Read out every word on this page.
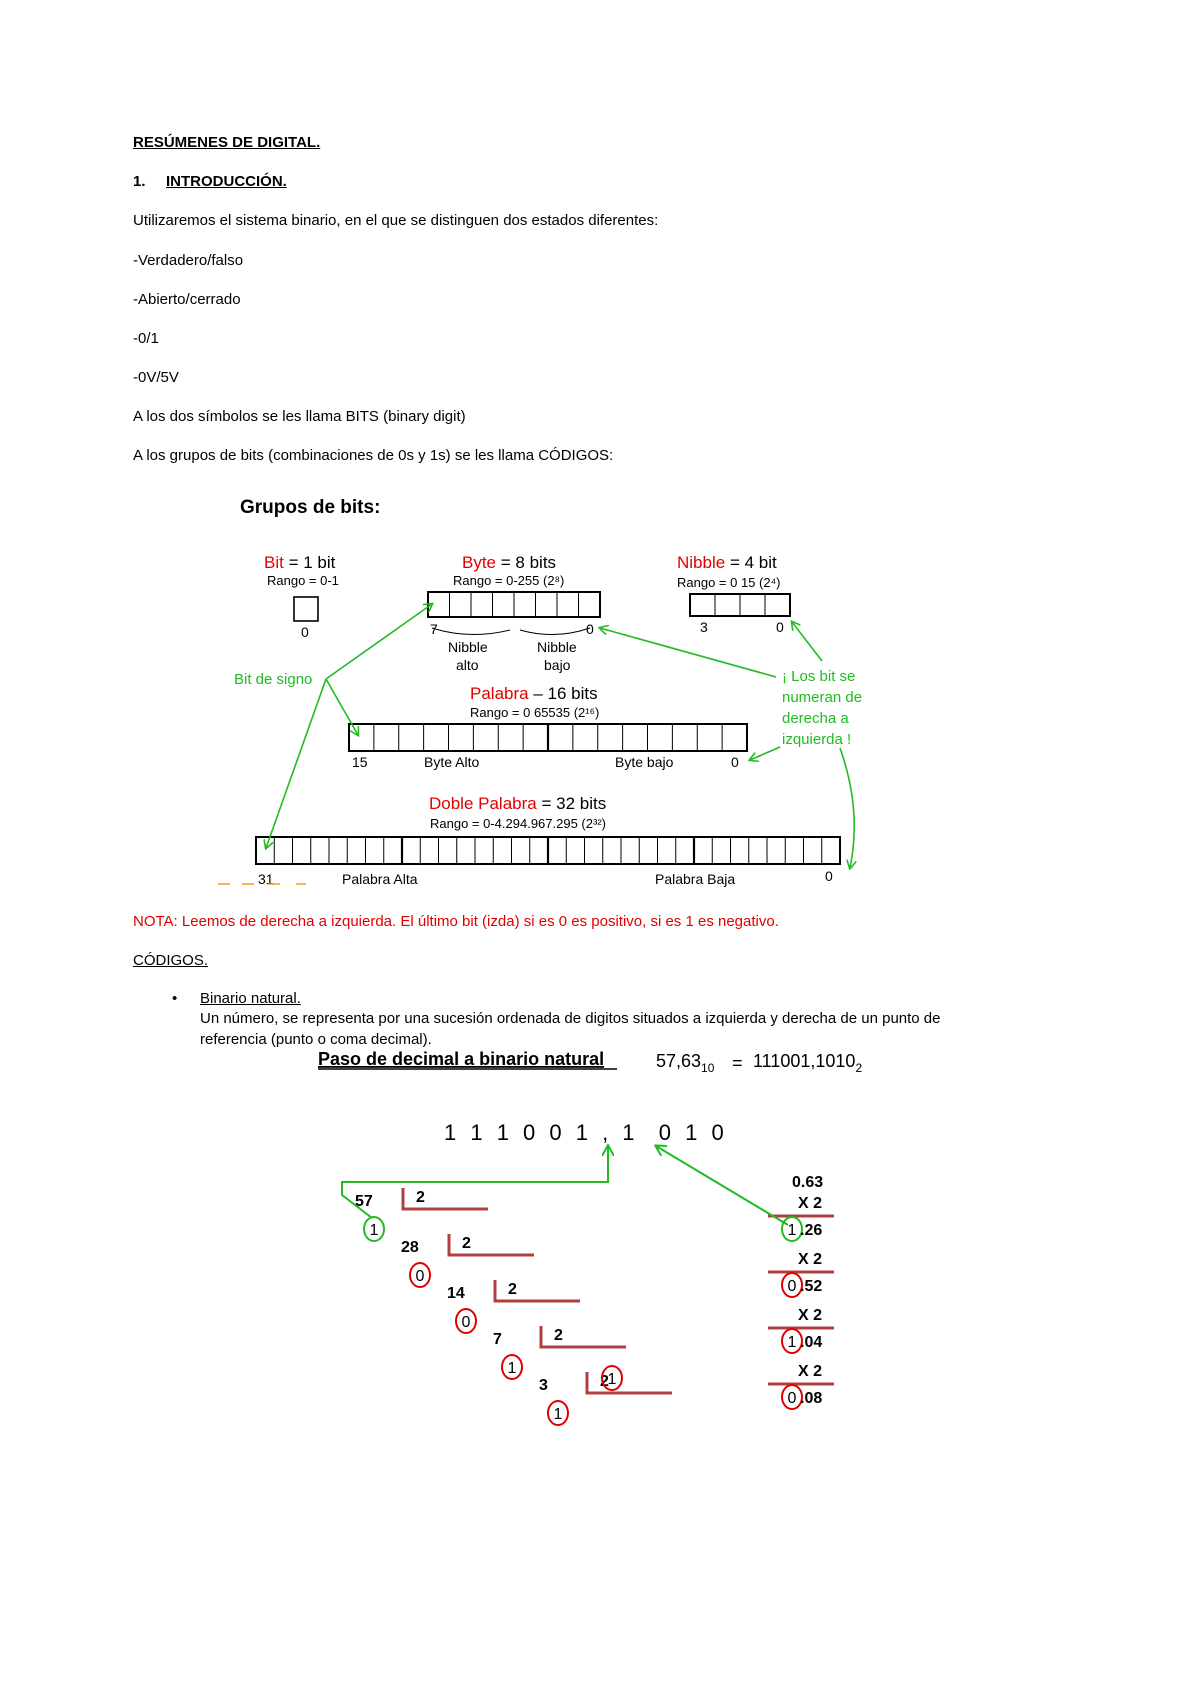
RESÚMENES DE DIGITAL.
1. INTRODUCCIÓN.
Utilizaremos el sistema binario, en el que se distinguen dos estados diferentes:
-Verdadero/falso
-Abierto/cerrado
-0/1
-0V/5V
A los dos símbolos se les llama BITS (binary digit)
A los grupos de bits (combinaciones de 0s y 1s) se les llama CÓDIGOS:
NOTA: Leemos de derecha a izquierda. El último bit (izda) si es 0 es positivo, si es 1 es negativo.
CÓDIGOS.
• Binario natural.
Un número, se representa por una sucesión ordenada de digitos situados a izquierda y derecha de un punto de
referencia (punto o coma decimal).
Grupos de bits:
Bit = 1 bit
Rango = 0-1
0
Byte = 8 bits
Rango = 0-255 (2⁸)
7	0
Nibble
alto
Nibble
bajo
Nibble = 4 bit
Rango = 0 15 (2⁴)
3	0
Bit de signo
Palabra – 16 bits
Rango = 0 65535 (2¹⁶)
15	Byte Alto	Byte bajo	0
¡ Los bit se
numeran de
derecha a
izquierda !
Doble Palabra = 32 bits
Rango = 0-4.294.967.295 (2³²)
31	Palabra Alta	Palabra Baja	0
Paso de decimal a binario natural	$57,63_{10} = 111001,1010_2$
1 1 1 0 0 1 , 1  0 1 0
57	2
28	2
14	2
7	2
3	2
1
0
0
1
1
1
0.63
X 2
1 .26
X 2
0 .52
X 2
1 .04
X 2
0 .08
